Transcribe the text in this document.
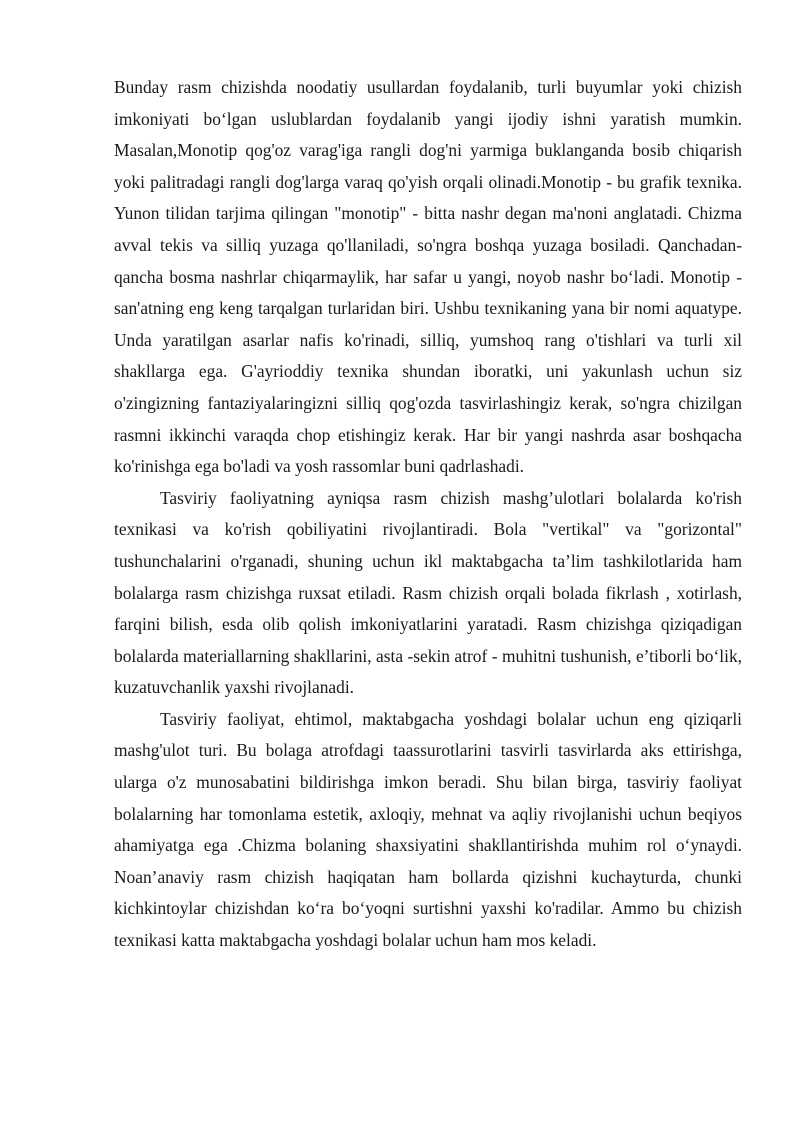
Bunday rasm chizishda noodatiy usullardan foydalanib, turli buyumlar yoki chizish imkoniyati bo‘lgan uslublardan foydalanib yangi ijodiy ishni yaratish mumkin. Masalan,Monotip qog'oz varag'iga rangli dog'ni yarmiga buklanganda bosib chiqarish yoki palitradagi rangli dog'larga varaq qo'yish orqali olinadi.Monotip - bu grafik texnika. Yunon tilidan tarjima qilingan "monotip" - bitta nashr degan ma'noni anglatadi. Chizma avval tekis va silliq yuzaga qo'llaniladi, so'ngra boshqa yuzaga bosiladi. Qanchadan-qancha bosma nashrlar chiqarmaylik, har safar u yangi, noyob nashr bo‘ladi. Monotip - san'atning eng keng tarqalgan turlaridan biri. Ushbu texnikaning yana bir nomi aquatype. Unda yaratilgan asarlar nafis ko'rinadi, silliq, yumshoq rang o'tishlari va turli xil shakllarga ega. G'ayrioddiy texnika shundan iboratki, uni yakunlash uchun siz o'zingizning fantaziyalaringizni silliq qog'ozda tasvirlashingiz kerak, so'ngra chizilgan rasmni ikkinchi varaqda chop etishingiz kerak. Har bir yangi nashrda asar boshqacha ko'rinishga ega bo'ladi va yosh rassomlar buni qadrlashadi.

Tasviriy faoliyatning ayniqsa rasm chizish mashg’ulotlari bolalarda ko'rish texnikasi va ko'rish qobiliyatini rivojlantiradi. Bola "vertikal" va "gorizontal" tushunchalarini o'rganadi, shuning uchun ikl maktabgacha ta’lim tashkilotlarida ham bolalarga rasm chizishga ruxsat etiladi. Rasm chizish orqali bolada fikrlash , xotirlash, farqini bilish, esda olib qolish imkoniyatlarini yaratadi. Rasm chizishga qiziqadigan bolalarda materiallarning shakllarini, asta -sekin atrof - muhitni tushunish, e’tiborli bo‘lik, kuzatuvchanlik yaxshi rivojlanadi.

Tasviriy faoliyat, ehtimol, maktabgacha yoshdagi bolalar uchun eng qiziqarli mashg'ulot turi. Bu bolaga atrofdagi taassurotlarini tasvirli tasvirlarda aks ettirishga, ularga o'z munosabatini bildirishga imkon beradi. Shu bilan birga, tasviriy faoliyat bolalarning har tomonlama estetik, axloqiy, mehnat va aqliy rivojlanishi uchun beqiyos ahamiyatga ega .Chizma bolaning shaxsiyatini shakllantirishda muhim rol o‘ynaydi. Noan’anaviy rasm chizish haqiqatan ham bollarda qizishni kuchayturda, chunki kichkintoylar chizishdan ko‘ra bo‘yoqni surtishni yaxshi ko'radilar. Ammo bu chizish texnikasi katta maktabgacha yoshdagi bolalar uchun ham mos keladi.
